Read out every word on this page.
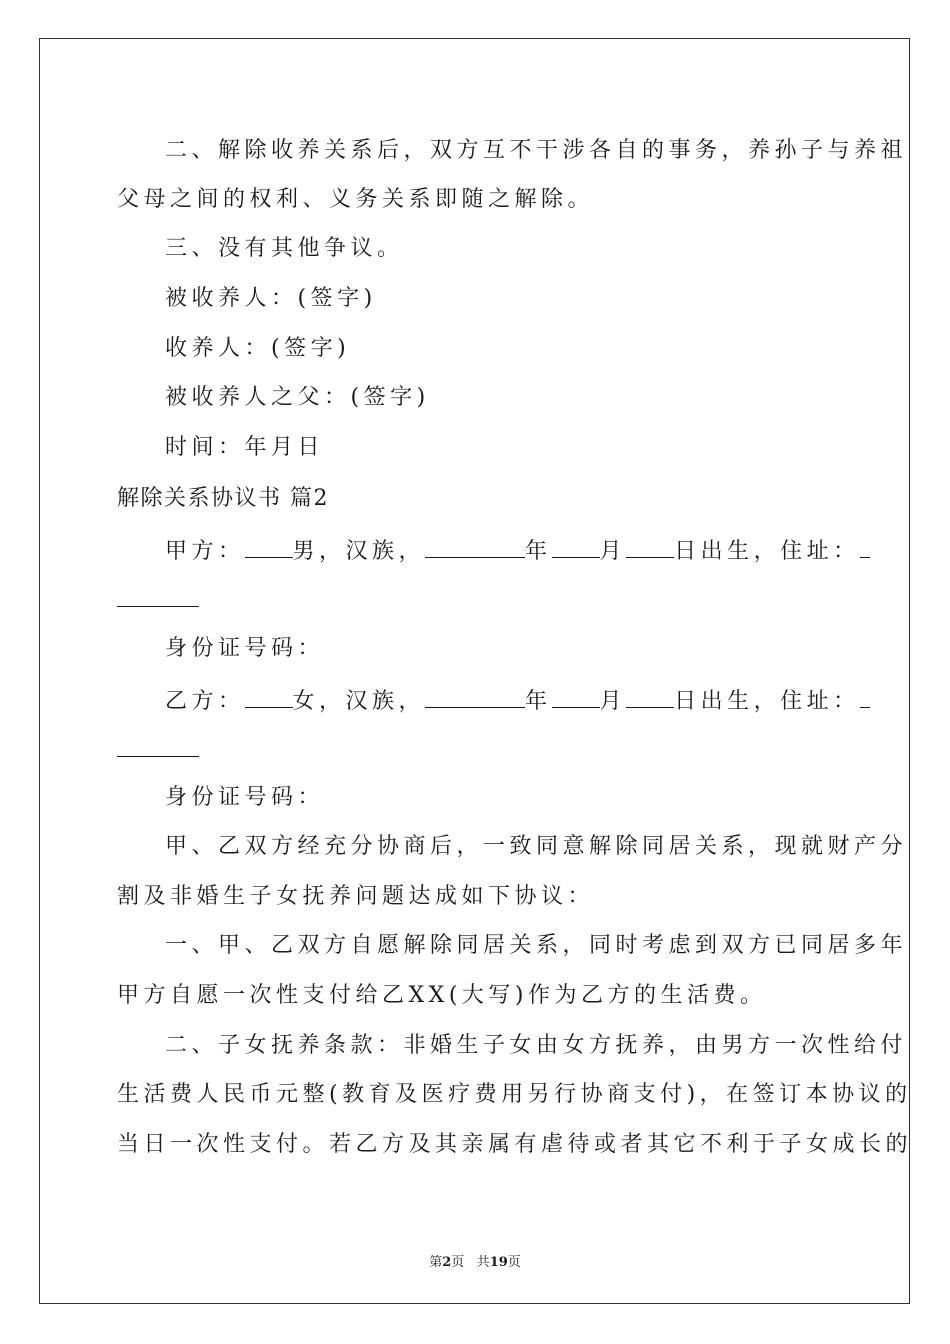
二、解除收养关系后，双方互不干涉各自的事务，养孙子与养祖
父母之间的权利、义务关系即随之解除。
三、没有其他争议。
被收养人：(签字)
收养人：(签字)
被收养人之父：(签字)
时间：年月日
解除关系协议书 篇2
甲方： 男，汉族，	年 月 日出生，住址：
身份证号码：
乙方： 女，汉族，	年 月 日出生，住址：
身份证号码：
甲、乙双方经充分协商后，一致同意解除同居关系，现就财产分
割及非婚生子女抚养问题达成如下协议：
一、甲、乙双方自愿解除同居关系，同时考虑到双方已同居多年
甲方自愿一次性支付给乙XX(大写)作为乙方的生活费。
二、子女抚养条款：非婚生子女由女方抚养，由男方一次性给付
生活费人民币元整(教育及医疗费用另行协商支付)，在签订本协议的
当日一次性支付。若乙方及其亲属有虐待或者其它不利于子女成长的
第2页 共19页
